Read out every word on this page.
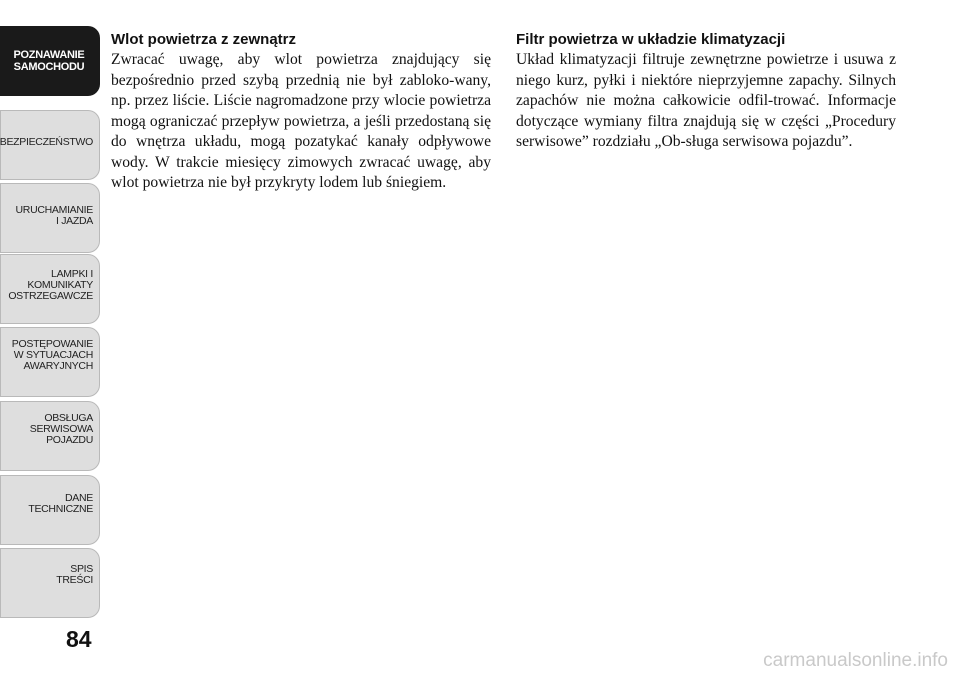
POZNAWANIE
SAMOCHODU
BEZPIECZEŃSTWO
URUCHAMIANIE
I JAZDA
LAMPKI I
KOMUNIKATY
OSTRZEGAWCZE
POSTĘPOWANIE
W SYTUACJACH
AWARYJNYCH
OBSŁUGA
SERWISOWA
POJAZDU
DANE
TECHNICZNE
SPIS
TREŚCI
84

Wlot powietrza z zewnątrz

Zwracać uwagę, aby wlot powietrza znajdujący się bezpośrednio przed szybą przednią nie był zabloko-wany, np. przez liście. Liście nagromadzone przy wlocie powietrza mogą ograniczać przepływ powietrza, a jeśli przedostaną się do wnętrza układu, mogą pozatykać kanały odpływowe wody. W trakcie miesięcy zimowych zwracać uwagę, aby wlot powietrza nie był przykryty lodem lub śniegiem.

Filtr powietrza w układzie klimatyzacji

Układ klimatyzacji filtruje zewnętrzne powietrze i usuwa z niego kurz, pyłki i niektóre nieprzyjemne zapachy. Silnych zapachów nie można całkowicie odfil-trować. Informacje dotyczące wymiany filtra znajdują się w części „Procedury serwisowe” rozdziału „Ob-sługa serwisowa pojazdu”.

carmanualsonline.info
